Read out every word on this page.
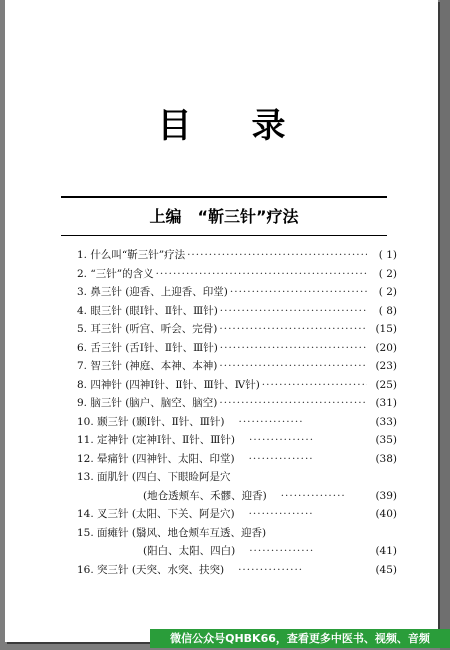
目录
上编　“靳三针”疗法
1. 什么叫“靳三针”疗法 ·····	( 1)
2. “三针”的含义 ·····	( 2)
3. 鼻三针 (迎香、上迎香、印堂) ·····	( 2)
4. 眼三针 (眼Ⅰ针、Ⅱ针、Ⅲ针) ·····	( 8)
5. 耳三针 (听宫、听会、完骨) ·····	(15)
6. 舌三针 (舌Ⅰ针、Ⅱ针、Ⅲ针) ·····	(20)
7. 智三针 (神庭、本神、本神) ·····	(23)
8. 四神针 (四神Ⅰ针、Ⅱ针、Ⅲ针、Ⅳ针) ·····	(25)
9. 脑三针 (脑户、脑空、脑空) ·····	(31)
10. 颞三针 (颞Ⅰ针、Ⅱ针、Ⅲ针) ·····	(33)
11. 定神针 (定神Ⅰ针、Ⅱ针、Ⅲ针) ·····	(35)
12. 晕痛针 (四神针、太阳、印堂) ·····	(38)
13. 面肌针 (四白、下眼睑阿是穴
(地仓透颊车、禾髎、迎香) ·····	(39)
14. 叉三针 (太阳、下关、阿是穴) ·····	(40)
15. 面瘫针 (翳风、地仓颊车互透、迎香)
(阳白、太阳、四白) ·····	(41)
16. 突三针 (天突、水突、扶突) ·····	(45)
微信公众号QHBK66，查看更多中医书、视频、音频
